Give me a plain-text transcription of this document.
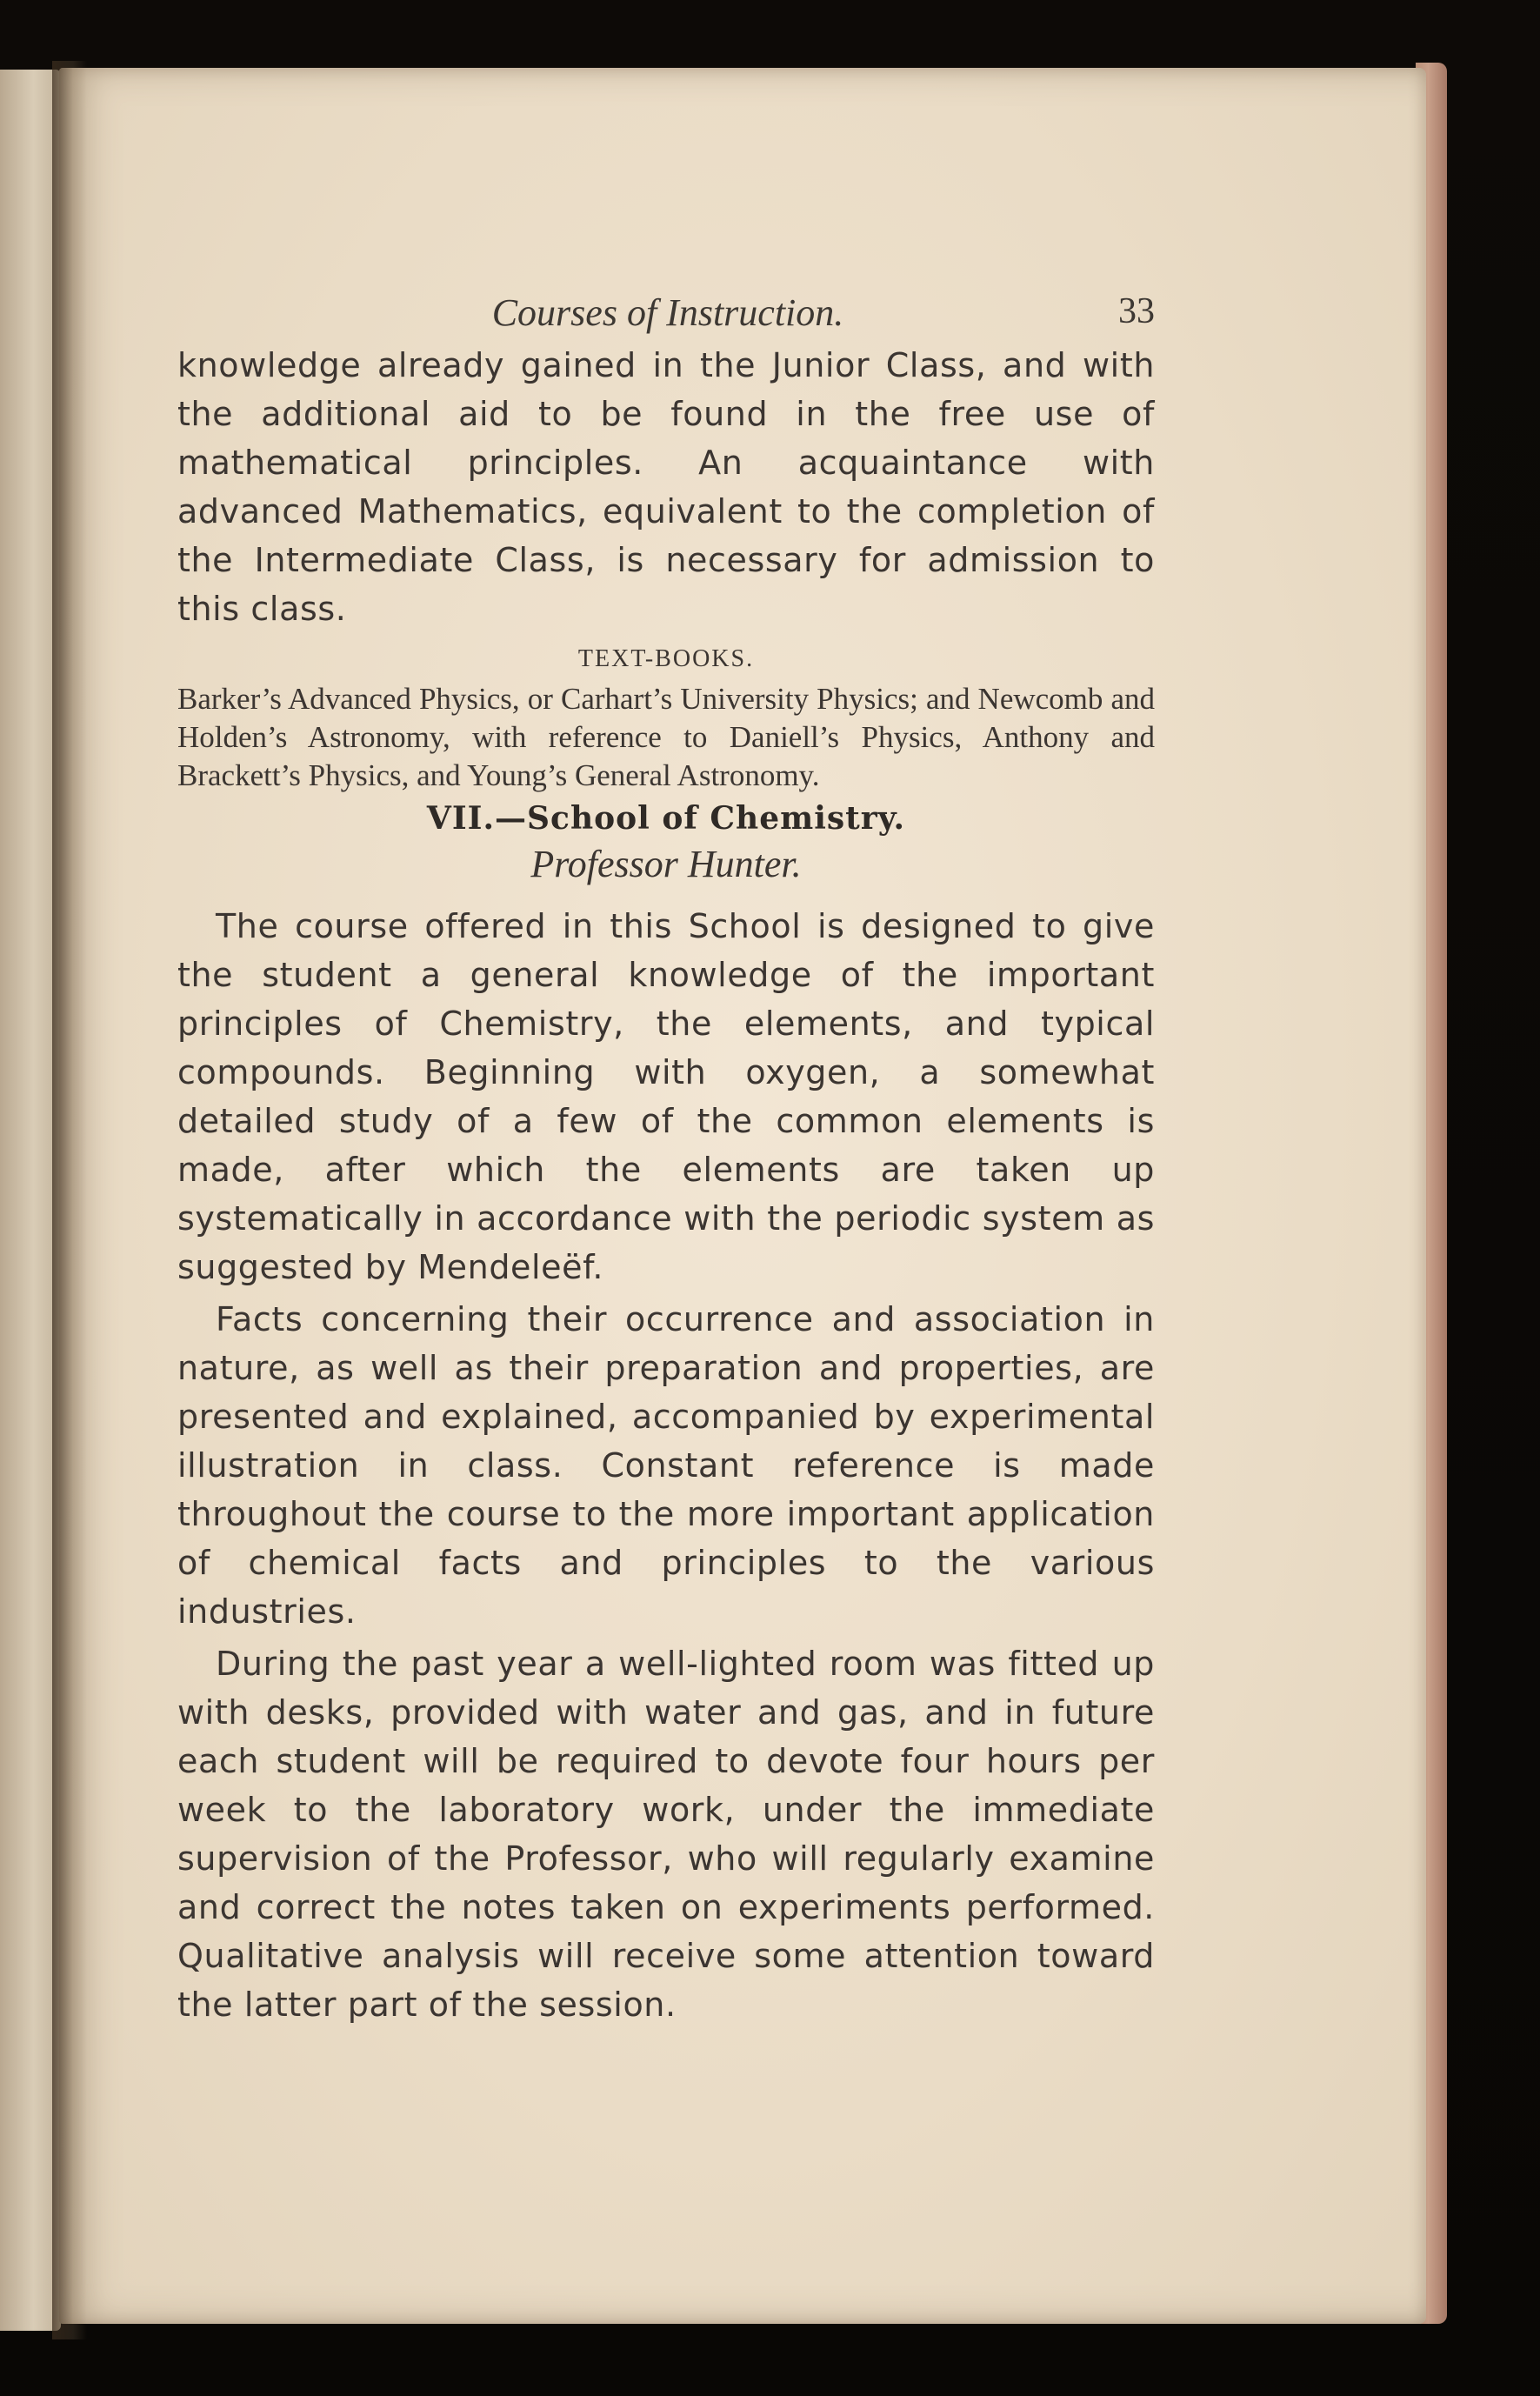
Courses of Instruction.	33

knowledge already gained in the Junior Class, and with the additional aid to be found in the free use of mathematical principles. An acquaintance with advanced Mathematics, equivalent to the completion of the Intermediate Class, is necessary for admission to this class.

TEXT-BOOKS.

Barker’s Advanced Physics, or Carhart’s University Physics; and Newcomb and Holden’s Astronomy, with reference to Daniell’s Physics, Anthony and Brackett’s Physics, and Young’s General Astronomy.

VII.—School of Chemistry.
Professor Hunter.

The course offered in this School is designed to give the student a general knowledge of the important principles of Chemistry, the elements, and typical compounds. Beginning with oxygen, a somewhat detailed study of a few of the common elements is made, after which the elements are taken up systematically in accordance with the periodic system as suggested by Mendeleëf.

Facts concerning their occurrence and association in nature, as well as their preparation and properties, are presented and explained, accompanied by experimental illustration in class. Constant reference is made throughout the course to the more important application of chemical facts and principles to the various industries.

During the past year a well-lighted room was fitted up with desks, provided with water and gas, and in future each student will be required to devote four hours per week to the laboratory work, under the immediate supervision of the Professor, who will regularly examine and correct the notes taken on experiments performed. Qualitative analysis will receive some attention toward the latter part of the session.
